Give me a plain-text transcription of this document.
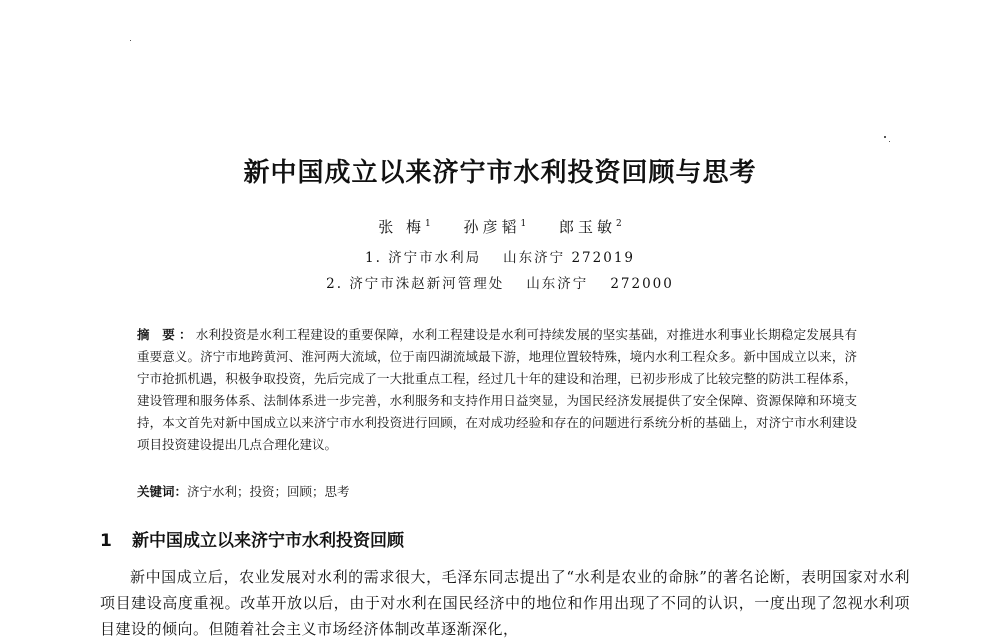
新中国成立以来济宁市水利投资回顾与思考
张 梅$^1$ 孙彦韬$^1$ 郎玉敏$^2$
1. 济宁市水利局 山东济宁 272019
2. 济宁市洙赵新河管理处 山东济宁 272000
摘 要：水利投资是水利工程建设的重要保障，水利工程建设是水利可持续发展的坚实基础，对推进水利事业长期稳定发展具有重要意义。济宁市地跨黄河、淮河两大流域，位于南四湖流域最下游，地理位置较特殊，境内水利工程众多。新中国成立以来，济宁市抢抓机遇，积极争取投资，先后完成了一大批重点工程，经过几十年的建设和治理，已初步形成了比较完整的防洪工程体系，建设管理和服务体系、法制体系进一步完善，水利服务和支持作用日益突显，为国民经济发展提供了安全保障、资源保障和环境支持，本文首先对新中国成立以来济宁市水利投资进行回顾，在对成功经验和存在的问题进行系统分析的基础上，对济宁市水利建设项目投资建设提出几点合理化建议。
关键词：济宁水利；投资；回顾；思考
1 新中国成立以来济宁市水利投资回顾
新中国成立后，农业发展对水利的需求很大，毛泽东同志提出了“水利是农业的命脉”的著名论断，表明国家对水利项目建设高度重视。改革开放以后，由于对水利在国民经济中的地位和作用出现了不同的认识，一度出现了忽视水利项目建设的倾向。但随着社会主义市场经济体制改革逐渐深化，
